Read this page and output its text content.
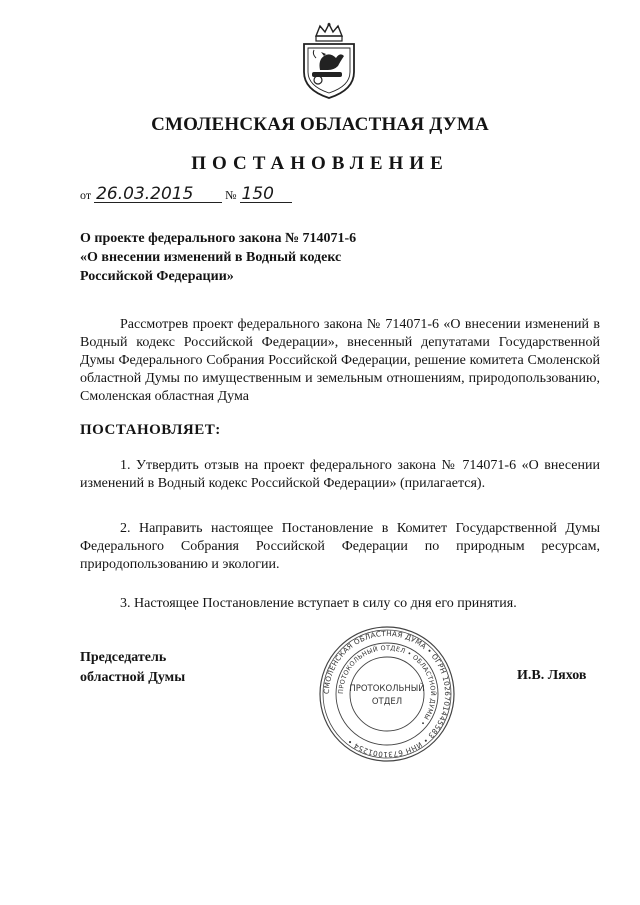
СМОЛЕНСКАЯ ОБЛАСТНАЯ ДУМА
ПОСТАНОВЛЕНИЕ
от 26.03.2015	№ 150
О проекте федерального закона № 714071-6
«О внесении изменений в Водный кодекс
Российской Федерации»
Рассмотрев проект федерального закона № 714071-6 «О внесении изменений в Водный кодекс Российской Федерации», внесенный депутатами Государственной Думы Федерального Собрания Российской Федерации, решение комитета Смоленской областной Думы по имущественным и земельным отношениям, природопользованию, Смоленская областная Дума
ПОСТАНОВЛЯЕТ:
1. Утвердить отзыв на проект федерального закона № 714071-6 «О внесении изменений в Водный кодекс Российской Федерации» (прилагается).
2. Направить настоящее Постановление в Комитет Государственной Думы Федерального Собрания Российской Федерации по природным ресурсам, природопользованию и экологии.
3. Настоящее Постановление вступает в силу со дня его принятия.
Председатель
областной Думы
СМОЛЕНСКАЯ ОБЛАСТНАЯ ДУМА • ОГРН 1026701445583 • ИНН 6731001254 •
ПРОТОКОЛЬНЫЙ ОТДЕЛ • ОБЛАСТНОЙ ДУМЫ •
ПРОТОКОЛЬНЫЙ
ОТДЕЛ
И.В. Ляхов
